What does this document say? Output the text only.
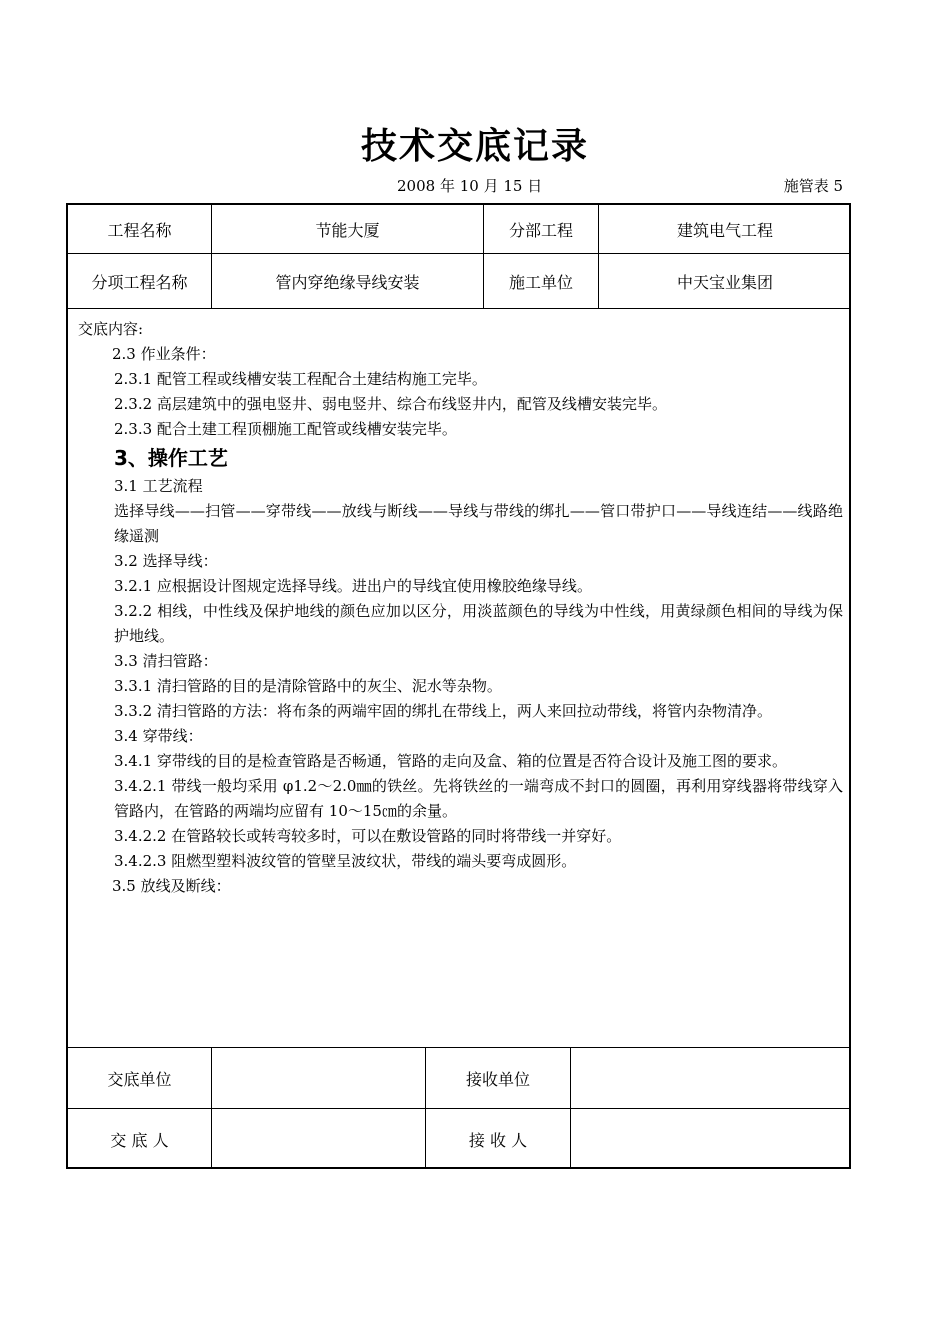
技术交底记录
2008 年 10 月 15 日	施管表 5
工程名称	节能大厦	分部工程	建筑电气工程
分项工程名称	管内穿绝缘导线安装	施工单位	中天宝业集团

交底内容:

2.3 作业条件：

2.3.1 配管工程或线槽安装工程配合土建结构施工完毕。

2.3.2 高层建筑中的强电竖井、弱电竖井、综合布线竖井内，配管及线槽安装完毕。

2.3.3 配合土建工程顶棚施工配管或线槽安装完毕。

3、操作工艺

3.1 工艺流程

选择导线——扫管——穿带线——放线与断线——导线与带线的绑扎——管口带护口——导线连结——线路绝缘遥测

3.2 选择导线：

3.2.1 应根据设计图规定选择导线。进出户的导线宜使用橡胶绝缘导线。

3.2.2 相线，中性线及保护地线的颜色应加以区分，用淡蓝颜色的导线为中性线，用黄绿颜色相间的导线为保护地线。

3.3 清扫管路：

3.3.1 清扫管路的目的是清除管路中的灰尘、泥水等杂物。

3.3.2 清扫管路的方法：将布条的两端牢固的绑扎在带线上，两人来回拉动带线，将管内杂物清净。

3.4 穿带线：

3.4.1 穿带线的目的是检查管路是否畅通，管路的走向及盒、箱的位置是否符合设计及施工图的要求。

3.4.2.1 带线一般均采用 φ1.2～2.0㎜的铁丝。先将铁丝的一端弯成不封口的圆圈，再利用穿线器将带线穿入管路内，在管路的两端均应留有 10～15㎝的余量。

3.4.2.2 在管路较长或转弯较多时，可以在敷设管路的同时将带线一并穿好。

3.4.2.3 阻燃型塑料波纹管的管壁呈波纹状，带线的端头要弯成圆形。

3.5 放线及断线：

交底单位	接收单位
交 底 人	接 收 人
